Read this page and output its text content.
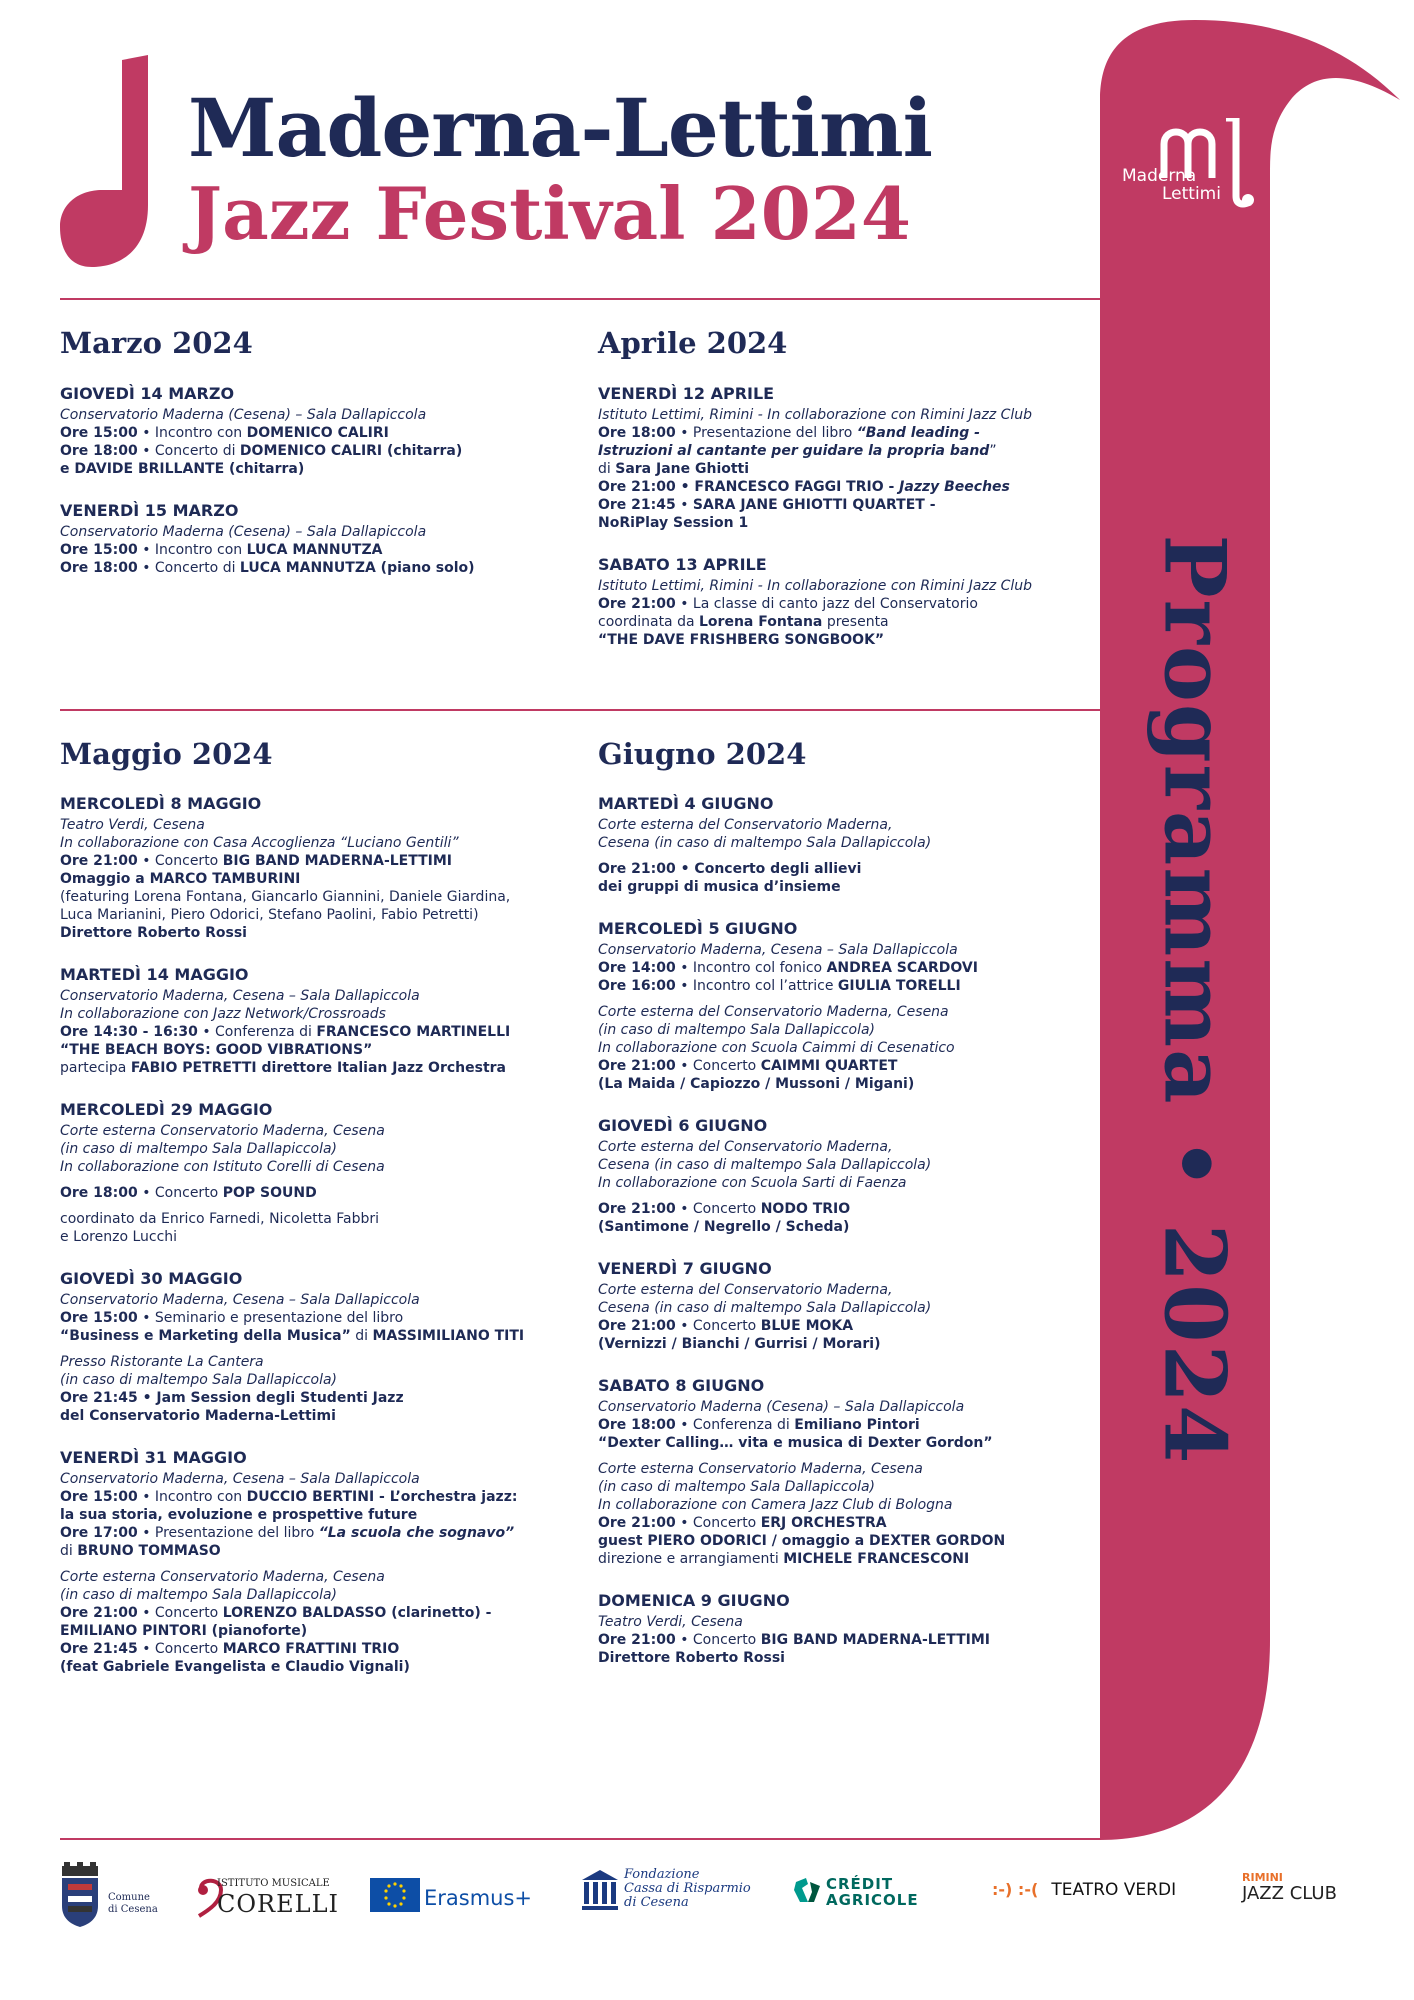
Maderna
Lettimi
Programma • 2024
Maderna-Lettimi
Jazz Festival 2024
Marzo 2024	Aprile 2024
Maggio 2024	Giugno 2024
GIOVEDÌ 14 MARZO
Conservatorio Maderna (Cesena) – Sala Dallapiccola
Ore 15:00 • Incontro con DOMENICO CALIRI
Ore 18:00 • Concerto di DOMENICO CALIRI (chitarra)
e DAVIDE BRILLANTE (chitarra)
VENERDÌ 15 MARZO
Conservatorio Maderna (Cesena) – Sala Dallapiccola
Ore 15:00 • Incontro con LUCA MANNUTZA
Ore 18:00 • Concerto di LUCA MANNUTZA (piano solo)
VENERDÌ 12 APRILE
Istituto Lettimi, Rimini - In collaborazione con Rimini Jazz Club
Ore 18:00 • Presentazione del libro “Band leading -
Istruzioni al cantante per guidare la propria band”
di Sara Jane Ghiotti
Ore 21:00 • FRANCESCO FAGGI TRIO - Jazzy Beeches
Ore 21:45 • SARA JANE GHIOTTI QUARTET -
NoRiPlay Session 1
SABATO 13 APRILE
Istituto Lettimi, Rimini - In collaborazione con Rimini Jazz Club
Ore 21:00 • La classe di canto jazz del Conservatorio
coordinata da Lorena Fontana presenta
“THE DAVE FRISHBERG SONGBOOK”
MERCOLEDÌ 8 MAGGIO
Teatro Verdi, Cesena
In collaborazione con Casa Accoglienza “Luciano Gentili”
Ore 21:00 • Concerto BIG BAND MADERNA-LETTIMI
Omaggio a MARCO TAMBURINI
(featuring Lorena Fontana, Giancarlo Giannini, Daniele Giardina,
Luca Marianini, Piero Odorici, Stefano Paolini, Fabio Petretti)
Direttore Roberto Rossi
MARTEDÌ 14 MAGGIO
Conservatorio Maderna, Cesena – Sala Dallapiccola
In collaborazione con Jazz Network/Crossroads
Ore 14:30 - 16:30 • Conferenza di FRANCESCO MARTINELLI
“THE BEACH BOYS: GOOD VIBRATIONS”
partecipa FABIO PETRETTI direttore Italian Jazz Orchestra
MERCOLEDÌ 29 MAGGIO
Corte esterna Conservatorio Maderna, Cesena
(in caso di maltempo Sala Dallapiccola)
In collaborazione con Istituto Corelli di Cesena
Ore 18:00 • Concerto POP SOUND
coordinato da Enrico Farnedi, Nicoletta Fabbri
e Lorenzo Lucchi
GIOVEDÌ 30 MAGGIO
Conservatorio Maderna, Cesena – Sala Dallapiccola
Ore 15:00 • Seminario e presentazione del libro
“Business e Marketing della Musica” di MASSIMILIANO TITI
Presso Ristorante La Cantera
(in caso di maltempo Sala Dallapiccola)
Ore 21:45 • Jam Session degli Studenti Jazz
del Conservatorio Maderna-Lettimi
VENERDÌ 31 MAGGIO
Conservatorio Maderna, Cesena – Sala Dallapiccola
Ore 15:00 • Incontro con DUCCIO BERTINI - L’orchestra jazz:
la sua storia, evoluzione e prospettive future
Ore 17:00 • Presentazione del libro “La scuola che sognavo”
di BRUNO TOMMASO
Corte esterna Conservatorio Maderna, Cesena
(in caso di maltempo Sala Dallapiccola)
Ore 21:00 • Concerto LORENZO BALDASSO (clarinetto) -
EMILIANO PINTORI (pianoforte)
Ore 21:45 • Concerto MARCO FRATTINI TRIO
(feat Gabriele Evangelista e Claudio Vignali)
MARTEDÌ 4 GIUGNO
Corte esterna del Conservatorio Maderna,
Cesena (in caso di maltempo Sala Dallapiccola)
Ore 21:00 • Concerto degli allievi
dei gruppi di musica d’insieme
MERCOLEDÌ 5 GIUGNO
Conservatorio Maderna, Cesena – Sala Dallapiccola
Ore 14:00 • Incontro col fonico ANDREA SCARDOVI
Ore 16:00 • Incontro col l’attrice GIULIA TORELLI
Corte esterna del Conservatorio Maderna, Cesena
(in caso di maltempo Sala Dallapiccola)
In collaborazione con Scuola Caimmi di Cesenatico
Ore 21:00 • Concerto CAIMMI QUARTET
(La Maida / Capiozzo / Mussoni / Migani)
GIOVEDÌ 6 GIUGNO
Corte esterna del Conservatorio Maderna,
Cesena (in caso di maltempo Sala Dallapiccola)
In collaborazione con Scuola Sarti di Faenza
Ore 21:00 • Concerto NODO TRIO
(Santimone / Negrello / Scheda)
VENERDÌ 7 GIUGNO
Corte esterna del Conservatorio Maderna,
Cesena (in caso di maltempo Sala Dallapiccola)
Ore 21:00 • Concerto BLUE MOKA
(Vernizzi / Bianchi / Gurrisi / Morari)
SABATO 8 GIUGNO
Conservatorio Maderna (Cesena) – Sala Dallapiccola
Ore 18:00 • Conferenza di Emiliano Pintori
“Dexter Calling… vita e musica di Dexter Gordon”
Corte esterna Conservatorio Maderna, Cesena
(in caso di maltempo Sala Dallapiccola)
In collaborazione con Camera Jazz Club di Bologna
Ore 21:00 • Concerto ERJ ORCHESTRA
guest PIERO ODORICI / omaggio a DEXTER GORDON
direzione e arrangiamenti MICHELE FRANCESCONI
DOMENICA 9 GIUGNO
Teatro Verdi, Cesena
Ore 21:00 • Concerto BIG BAND MADERNA-LETTIMI
Direttore Roberto Rossi
Comune
di Cesena
ISTITUTO MUSICALE
CORELLI	Erasmus+
Fondazione
Cassa di Risparmio
di Cesena
CRÉDIT
AGRICOLE
:-) :-( TEATRO VERDI
RIMINI
JAZZ CLUB
